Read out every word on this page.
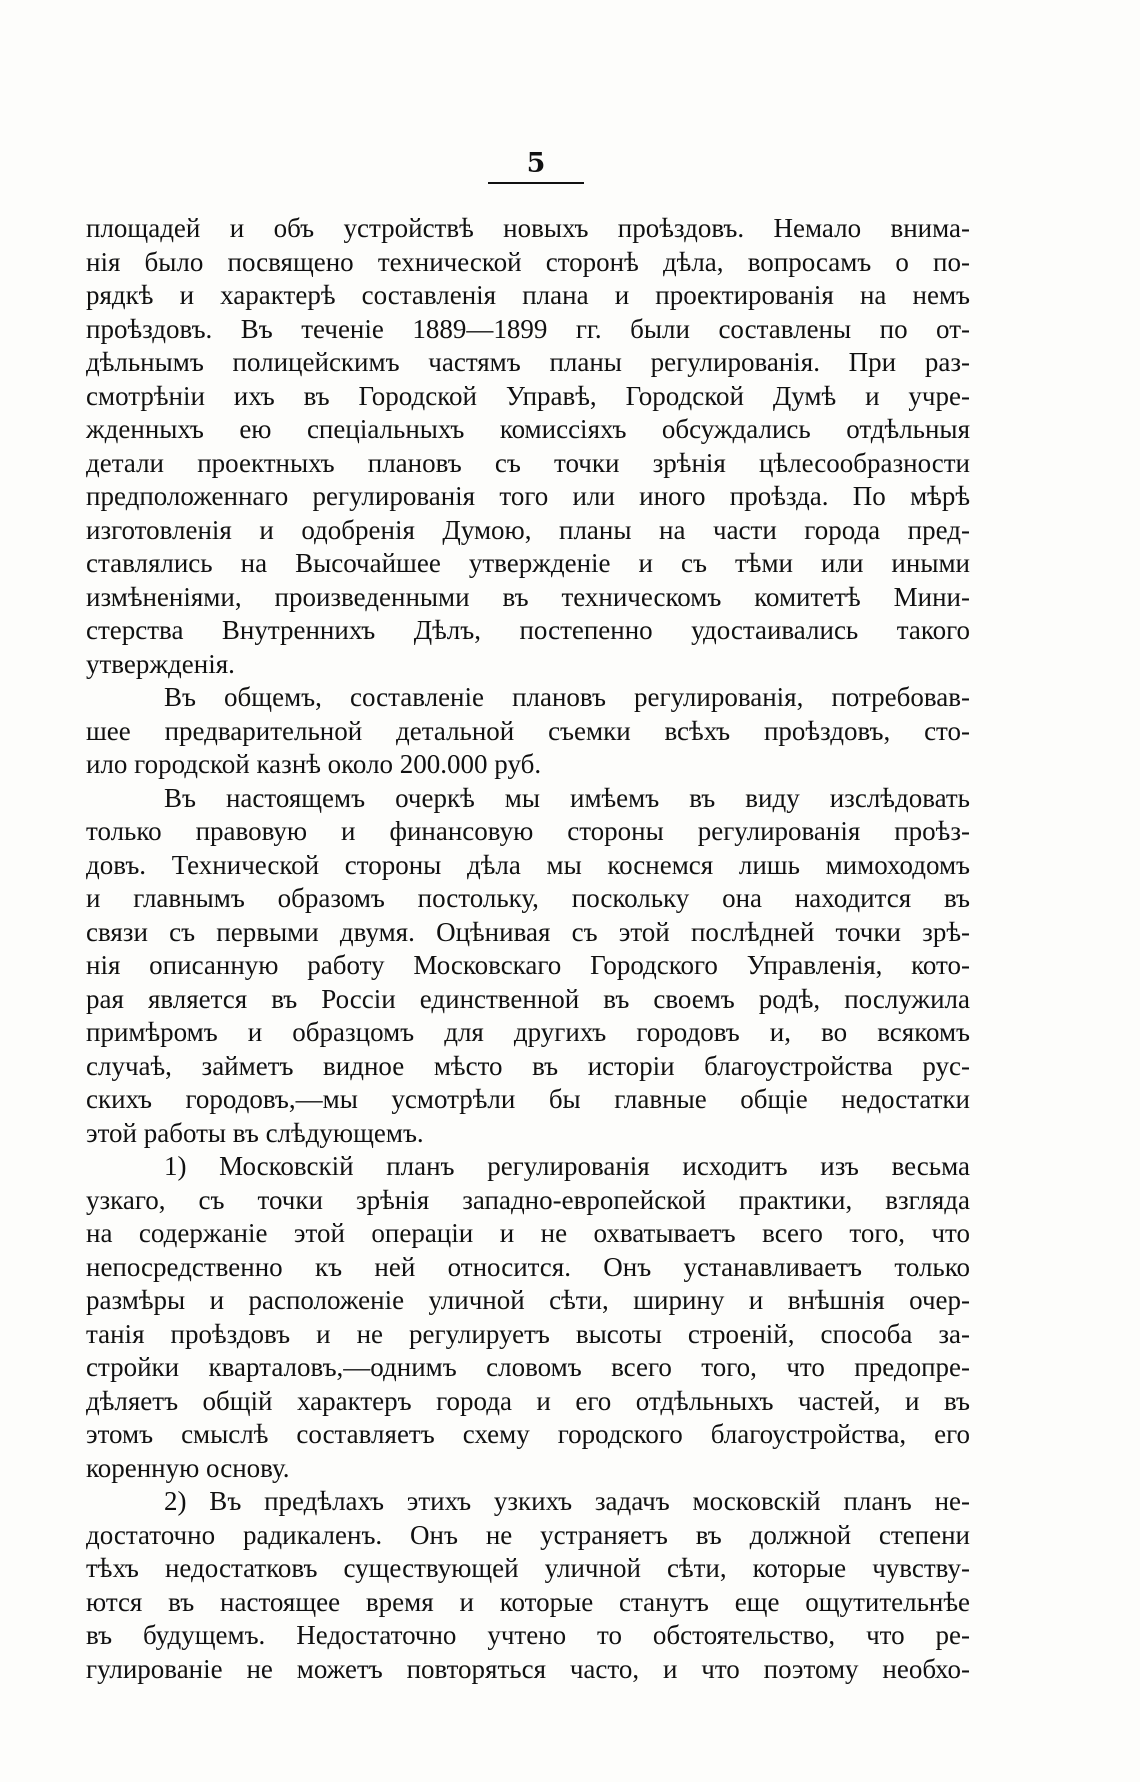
5

площадей и объ устройствѣ новыхъ проѣздовъ. Немало внима-
нія было посвящено технической сторонѣ дѣла, вопросамъ о по-
рядкѣ и характерѣ составленія плана и проектированія на немъ
проѣздовъ. Въ теченіе 1889—1899 гг. были составлены по от-
дѣльнымъ полицейскимъ частямъ планы регулированія. При раз-
смотрѣніи ихъ въ Городской Управѣ, Городской Думѣ и учре-
жденныхъ ею спеціальныхъ комиссіяхъ обсуждались отдѣльныя
детали проектныхъ плановъ съ точки зрѣнія цѣлесообразности
предположеннаго регулированія того или иного проѣзда. По мѣрѣ
изготовленія и одобренія Думою, планы на части города пред-
ставлялись на Высочайшее утвержденіе и съ тѣми или иными
измѣненіями, произведенными въ техническомъ комитетѣ Мини-
стерства Внутреннихъ Дѣлъ, постепенно удостаивались такого
утвержденія.

Въ общемъ, составленіе плановъ регулированія, потребовав-
шее предварительной детальной съемки всѣхъ проѣздовъ, сто-
ило городской казнѣ около 200.000 руб.

Въ настоящемъ очеркѣ мы имѣемъ въ виду изслѣдовать
только правовую и финансовую стороны регулированія проѣз-
довъ. Технической стороны дѣла мы коснемся лишь мимоходомъ
и главнымъ образомъ постольку, поскольку она находится въ
связи съ первыми двумя. Оцѣнивая съ этой послѣдней точки зрѣ-
нія описанную работу Московскаго Городского Управленія, кото-
рая является въ Россіи единственной въ своемъ родѣ, послужила
примѣромъ и образцомъ для другихъ городовъ и, во всякомъ
случаѣ, займетъ видное мѣсто въ исторіи благоустройства рус-
скихъ городовъ,—мы усмотрѣли бы главные общіе недостатки
этой работы въ слѣдующемъ.

1) Московскій планъ регулированія исходитъ изъ весьма
узкаго, съ точки зрѣнія западно-европейской практики, взгляда
на содержаніе этой операціи и не охватываетъ всего того, что
непосредственно къ ней относится. Онъ устанавливаетъ только
размѣры и расположеніе уличной сѣти, ширину и внѣшнія очер-
танія проѣздовъ и не регулируетъ высоты строеній, способа за-
стройки кварталовъ,—однимъ словомъ всего того, что предопре-
дѣляетъ общій характеръ города и его отдѣльныхъ частей, и въ
этомъ смыслѣ составляетъ схему городского благоустройства, его
коренную основу.

2) Въ предѣлахъ этихъ узкихъ задачъ московскій планъ не-
достаточно радикаленъ. Онъ не устраняетъ въ должной степени
тѣхъ недостатковъ существующей уличной сѣти, которые чувству-
ются въ настоящее время и которые станутъ еще ощутительнѣе
въ будущемъ. Недостаточно учтено то обстоятельство, что ре-
гулированіе не можетъ повторяться часто, и что поэтому необхо-
